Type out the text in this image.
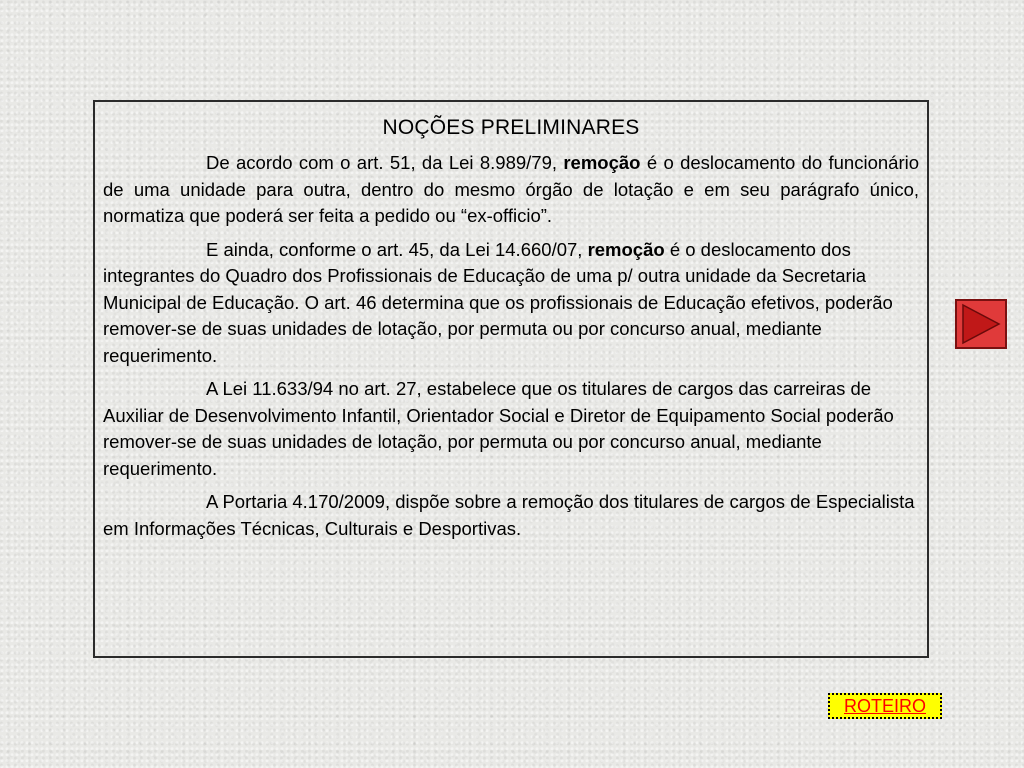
NOÇÕES PRELIMINARES

De acordo com o art. 51, da Lei 8.989/79, remoção é o deslocamento do funcionário de uma unidade para outra, dentro do mesmo órgão de lotação e em seu parágrafo único, normatiza que poderá ser feita a pedido ou “ex-officio”.

E ainda, conforme o art. 45, da Lei 14.660/07, remoção é o deslocamento dos integrantes do Quadro dos Profissionais de Educação de uma p/ outra unidade da Secretaria Municipal de Educação. O art. 46 determina que os profissionais de Educação efetivos, poderão remover-se de suas unidades de lotação, por permuta ou por concurso anual, mediante requerimento.

A Lei 11.633/94 no art. 27, estabelece que os titulares de cargos das carreiras de Auxiliar de Desenvolvimento Infantil, Orientador Social e Diretor de Equipamento Social poderão remover-se de suas unidades de lotação, por permuta ou por concurso anual, mediante requerimento.

A Portaria 4.170/2009, dispõe sobre a remoção dos titulares de cargos de Especialista em Informações Técnicas, Culturais e Desportivas.

ROTEIRO
